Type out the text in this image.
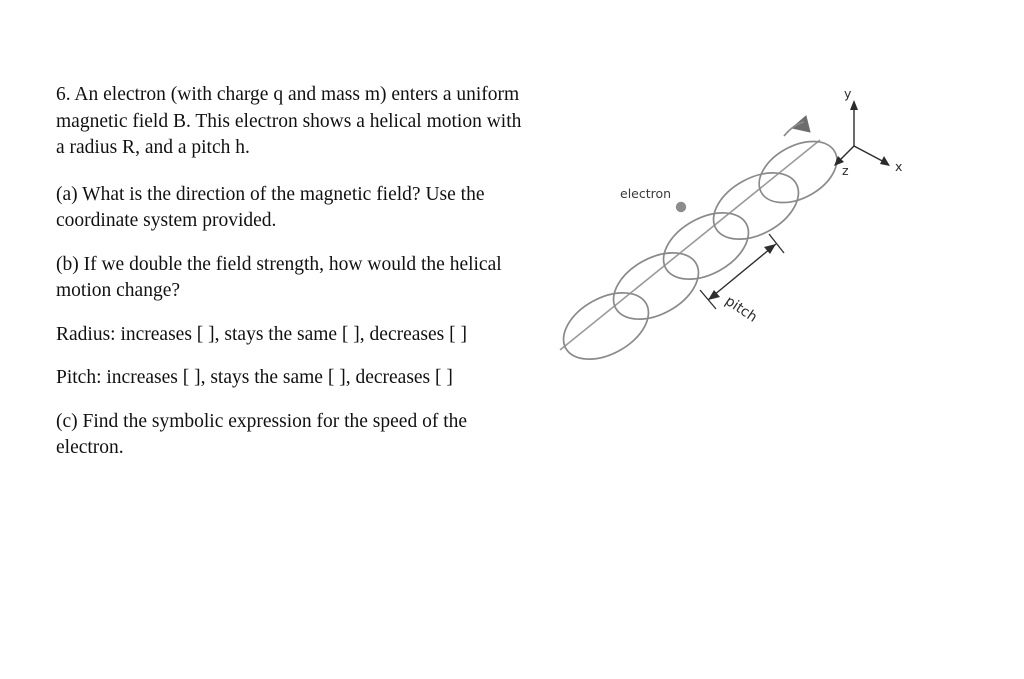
6. An electron (with charge q and mass m) enters a uniform magnetic field B. This electron shows a helical motion with a radius R, and a pitch h.

(a) What is the direction of the magnetic field? Use the coordinate system provided.

(b) If we double the field strength, how would the helical motion change?

Radius: increases [ ], stays the same [ ], decreases [ ]

Pitch: increases [ ], stays the same [ ], decreases [ ]

(c) Find the symbolic expression for the speed of the electron.

y
x
z
electron
pitch
